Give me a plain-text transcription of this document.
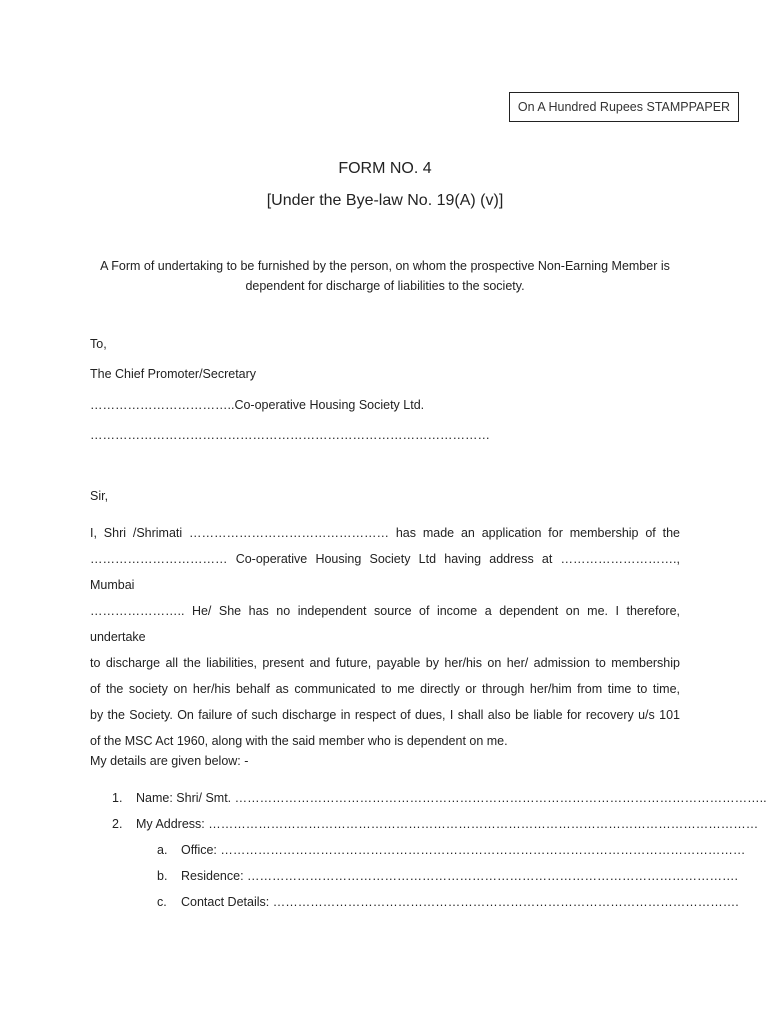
On A Hundred Rupees STAMPPAPER
FORM NO. 4
[Under the Bye-law No. 19(A) (v)]
A Form of undertaking to be furnished by the person, on whom the prospective Non-Earning Member is
dependent for discharge of liabilities to the society.
To,
The Chief Promoter/Secretary
……………………………..Co-operative Housing Society Ltd.
……………………………………………………………………………………
Sir,
I, Shri /Shrimati ………………………………………… has made an application for membership of the
…………………………… Co-operative Housing Society Ltd having address at ………………………., Mumbai
………………….. He/ She has no independent source of income a dependent on me. I therefore, undertake
to discharge all the liabilities, present and future, payable by her/his on her/ admission to membership
of the society on her/his behalf as communicated to me directly or through her/him from time to time,
by the Society. On failure of such discharge in respect of dues, I shall also be liable for recovery u/s 101
of the MSC Act 1960, along with the said member who is dependent on me.
My details are given below: -
1. Name: Shri/ Smt. ………………………………………………………………………………………………………………..
2. My Address: ……………………………………………………………………………………………………………………
a. Office: ………………………………………………………………………………………………………………
b. Residence: ……………………………………………………………………………………………………….
c. Contact Details: ………………………………………………………………………………………………….
